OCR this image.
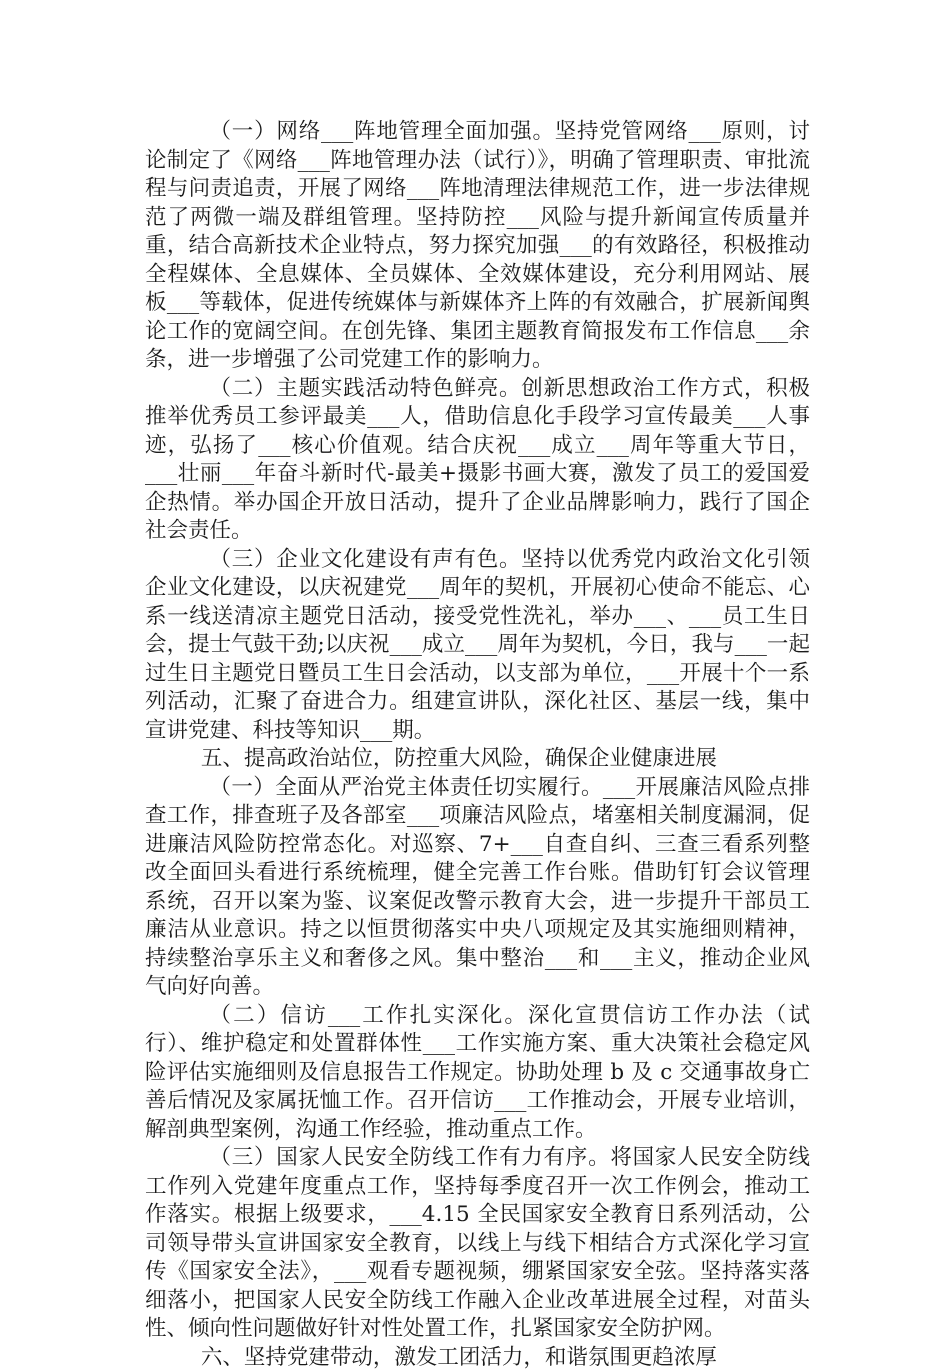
（一）网络___阵地管理全面加强。坚持党管网络___原则，讨论制定了《网络___阵地管理办法（试行）》，明确了管理职责、审批流程与问责追责，开展了网络___阵地清理法律规范工作，进一步法律规范了两微一端及群组管理。坚持防控___风险与提升新闻宣传质量并重，结合高新技术企业特点，努力探究加强___的有效路径，积极推动全程媒体、全息媒体、全员媒体、全效媒体建设，充分利用网站、展板___等载体，促进传统媒体与新媒体齐上阵的有效融合，扩展新闻舆论工作的宽阔空间。在创先锋、集团主题教育简报发布工作信息___余条，进一步增强了公司党建工作的影响力。

（二）主题实践活动特色鲜亮。创新思想政治工作方式，积极推举优秀员工参评最美___人，借助信息化手段学习宣传最美___人事迹，弘扬了___核心价值观。结合庆祝___成立___周年等重大节日，___壮丽___年奋斗新时代-最美+摄影书画大赛，激发了员工的爱国爱企热情。举办国企开放日活动，提升了企业品牌影响力，践行了国企社会责任。

（三）企业文化建设有声有色。坚持以优秀党内政治文化引领企业文化建设，以庆祝建党___周年的契机，开展初心使命不能忘、心系一线送清凉主题党日活动，接受党性洗礼，举办___、___员工生日会，提士气鼓干劲;以庆祝___成立___周年为契机，今日，我与___一起过生日主题党日暨员工生日会活动，以支部为单位，___开展十个一系列活动，汇聚了奋进合力。组建宣讲队，深化社区、基层一线，集中宣讲党建、科技等知识___期。

五、提高政治站位，防控重大风险，确保企业健康进展

（一）全面从严治党主体责任切实履行。___开展廉洁风险点排查工作，排查班子及各部室___项廉洁风险点，堵塞相关制度漏洞，促进廉洁风险防控常态化。对巡察、7+___自查自纠、三查三看系列整改全面回头看进行系统梳理，健全完善工作台账。借助钉钉会议管理系统，召开以案为鉴、议案促改警示教育大会，进一步提升干部员工廉洁从业意识。持之以恒贯彻落实中央八项规定及其实施细则精神，持续整治享乐主义和奢侈之风。集中整治___和___主义，推动企业风气向好向善。

（二）信访___工作扎实深化。深化宣贯信访工作办法（试行）、维护稳定和处置群体性___工作实施方案、重大决策社会稳定风险评估实施细则及信息报告工作规定。协助处理 b 及 c 交通事故身亡善后情况及家属抚恤工作。召开信访___工作推动会，开展专业培训，解剖典型案例，沟通工作经验，推动重点工作。

（三）国家人民安全防线工作有力有序。将国家人民安全防线工作列入党建年度重点工作，坚持每季度召开一次工作例会，推动工作落实。根据上级要求，___4.15 全民国家安全教育日系列活动，公司领导带头宣讲国家安全教育，以线上与线下相结合方式深化学习宣传《国家安全法》，___观看专题视频，绷紧国家安全弦。坚持落实落细落小，把国家人民安全防线工作融入企业改革进展全过程，对苗头性、倾向性问题做好针对性处置工作，扎紧国家安全防护网。

六、坚持党建带动，激发工团活力，和谐氛围更趋浓厚
